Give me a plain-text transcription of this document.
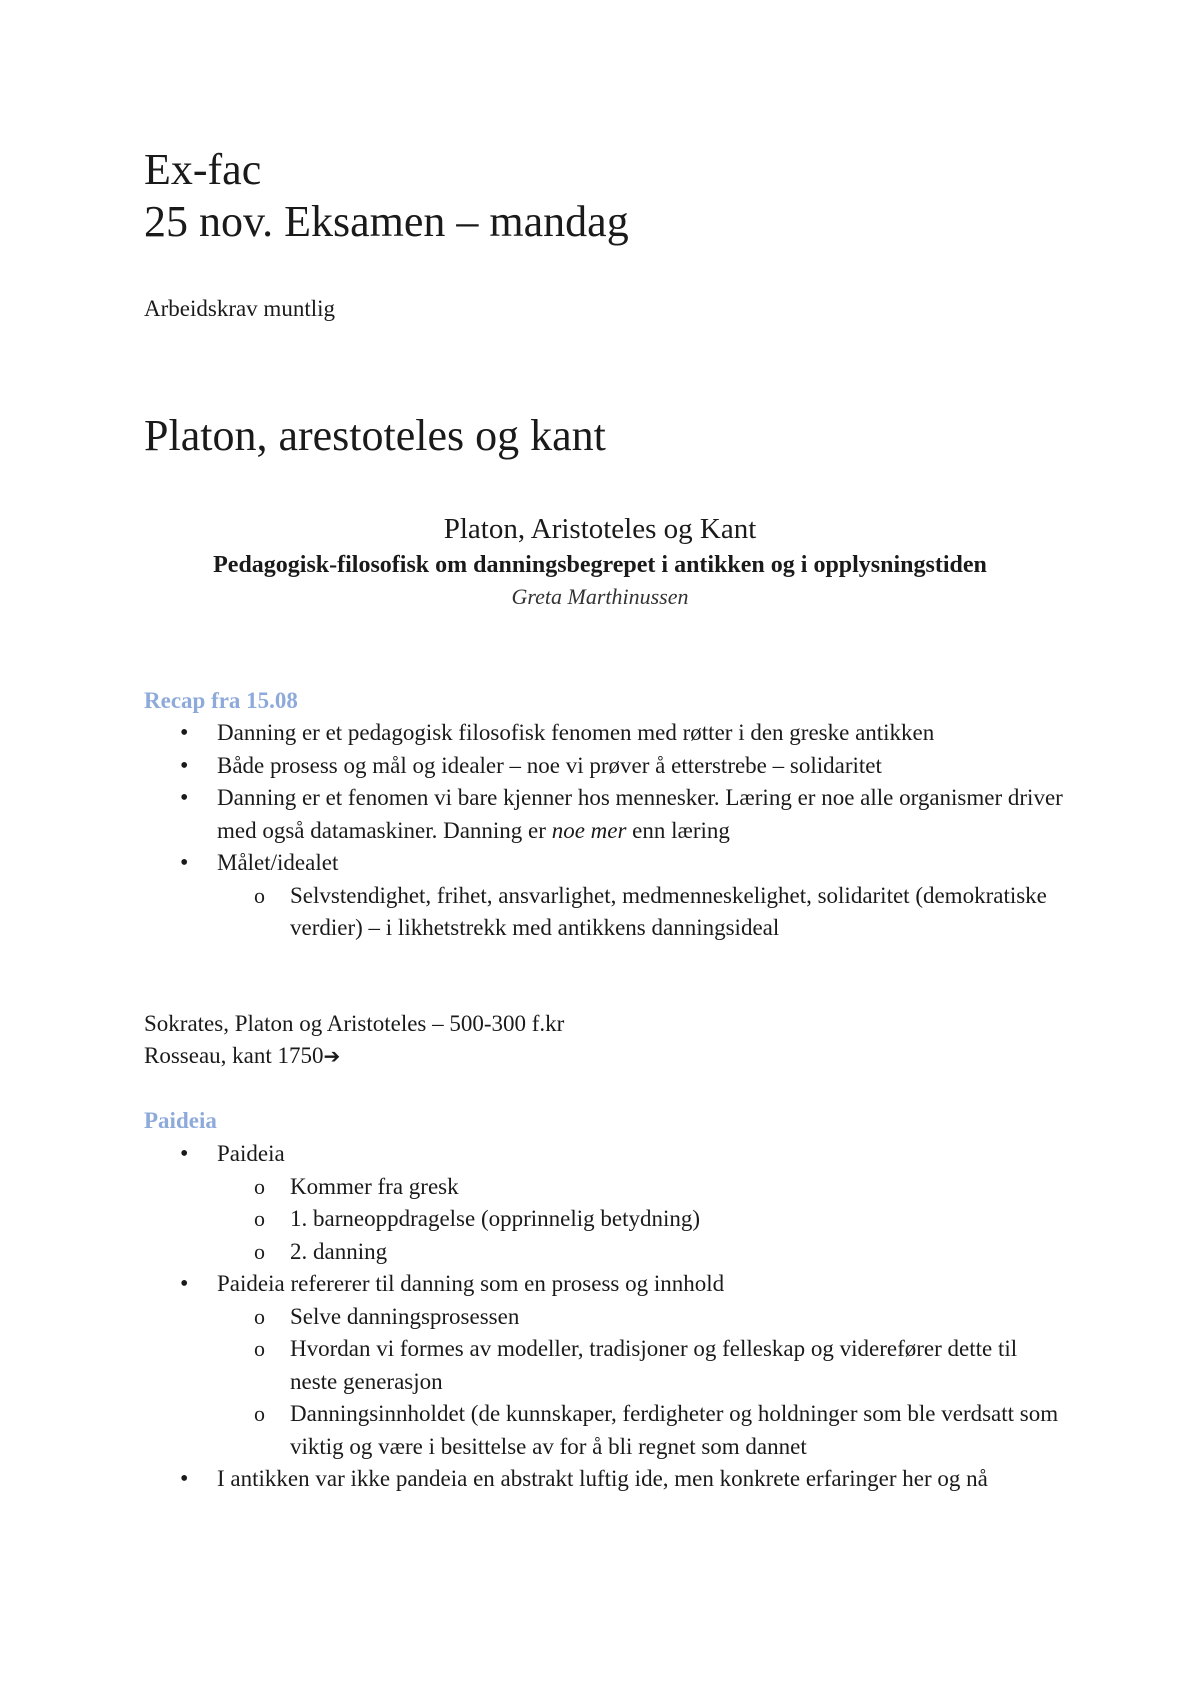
Ex-fac
25 nov. Eksamen – mandag
Arbeidskrav muntlig
Platon, arestoteles og kant
Platon, Aristoteles og Kant
Pedagogisk-filosofisk om danningsbegrepet i antikken og i opplysningstiden
Greta Marthinussen
Recap fra 15.08
• Danning er et pedagogisk filosofisk fenomen med røtter i den greske antikken
• Både prosess og mål og idealer – noe vi prøver å etterstrebe – solidaritet
• Danning er et fenomen vi bare kjenner hos mennesker. Læring er noe alle organismer driver med også datamaskiner. Danning er noe mer enn læring
• Målet/idealet
o Selvstendighet, frihet, ansvarlighet, medmenneskelighet, solidaritet (demokratiske verdier) – i likhetstrekk med antikkens danningsideal
Sokrates, Platon og Aristoteles – 500-300 f.kr
Rosseau, kant 1750➔
Paideia
• Paideia
o Kommer fra gresk
o 1. barneoppdragelse (opprinnelig betydning)
o 2. danning
• Paideia refererer til danning som en prosess og innhold
o Selve danningsprosessen
o Hvordan vi formes av modeller, tradisjoner og felleskap og viderefører dette til neste generasjon
o Danningsinnholdet (de kunnskaper, ferdigheter og holdninger som ble verdsatt som viktig og være i besittelse av for å bli regnet som dannet
• I antikken var ikke pandeia en abstrakt luftig ide, men konkrete erfaringer her og nå
